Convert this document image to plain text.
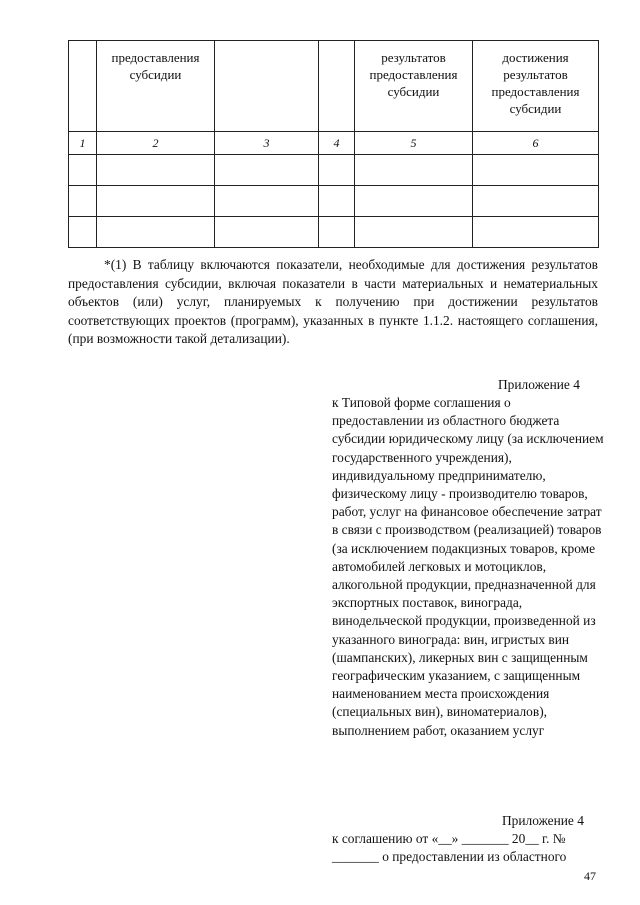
	предоставления субсидии			результатов предоставления субсидии	достижения результатов предоставления субсидии
1	2	3	4	5	6

*(1) В таблицу включаются показатели, необходимые для достижения результатов предоставления субсидии, включая показатели в части материальных и нематериальных объектов (или) услуг, планируемых к получению при достижении результатов соответствующих проектов (программ), указанных в пункте 1.1.2. настоящего соглашения, (при возможности такой детализации).
Приложение 4
к Типовой форме соглашения о предоставлении из областного бюджета субсидии юридическому лицу (за исключением государственного учреждения), индивидуальному предпринимателю, физическому лицу - производителю товаров, работ, услуг на финансовое обеспечение затрат в связи с производством (реализацией) товаров (за исключением подакцизных товаров, кроме автомобилей легковых и мотоциклов, алкогольной продукции, предназначенной для экспортных поставок, винограда, винодельческой продукции, произведенной из указанного винограда: вин, игристых вин (шампанских), ликерных вин с защищенным географическим указанием, с защищенным наименованием места происхождения (специальных вин), виноматериалов), выполнением работ, оказанием услуг
Приложение 4
к соглашению от «__» _______ 20__ г. №
_______ о предоставлении из областного
47
